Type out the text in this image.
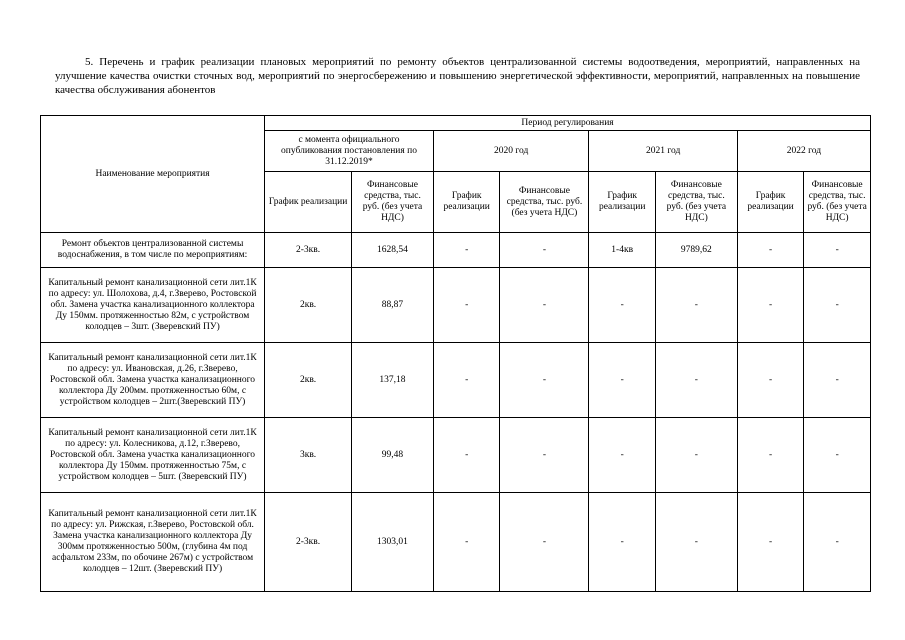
5. Перечень и график реализации плановых мероприятий по ремонту объектов централизованной системы водоотведения, мероприятий, направленных на улучшение качества очистки сточных вод, мероприятий по энергосбережению и повышению энергетической эффективности, мероприятий, направленных на повышение качества обслуживания абонентов
Наименование мероприятия	Период регулирования							
	с момента официального опубликования постановления по 31.12.2019*		2020 год		2021 год		2022 год	
	График реализации	Финансовые средства, тыс. руб. (без учета НДС)	График реализации	Финансовые средства, тыс. руб. (без учета НДС)	График реализации	Финансовые средства, тыс. руб. (без учета НДС)	График реализации	Финансовые средства, тыс. руб. (без учета НДС)
Ремонт объектов централизованной системы водоснабжения, в том числе по мероприятиям:	2-3кв.	1628,54	-	-	1-4кв	9789,62	-	-
Капитальный ремонт канализационной сети лит.1К по адресу: ул. Шолохова, д.4, г.Зверево, Ростовской обл. Замена участка канализационного коллектора Ду 150мм. протяженностью 82м, с устройством колодцев – 3шт. (Зверевский ПУ)	2кв.	88,87	-	-	-	-	-	-
Капитальный ремонт канализационной сети лит.1К по адресу: ул. Ивановская, д.26, г.Зверево, Ростовской обл. Замена участка канализационного коллектора Ду 200мм. протяженностью 60м, с устройством колодцев – 2шт.(Зверевский ПУ)	2кв.	137,18	-	-	-	-	-	-
Капитальный ремонт канализационной сети лит.1К по адресу: ул. Колесникова, д.12, г.Зверево, Ростовской обл. Замена участка канализационного коллектора Ду 150мм. протяженностью 75м, с устройством колодцев – 5шт. (Зверевский ПУ)	3кв.	99,48	-	-	-	-	-	-
Капитальный ремонт канализационной сети лит.1К по адресу: ул. Рижская, г.Зверево, Ростовской обл. Замена участка канализационного коллектора Ду 300мм протяженностью 500м, (глубина 4м под асфальтом 233м, по обочине 267м) с устройством колодцев – 12шт. (Зверевский ПУ)	2-3кв.	1303,01	-	-	-	-	-	-
